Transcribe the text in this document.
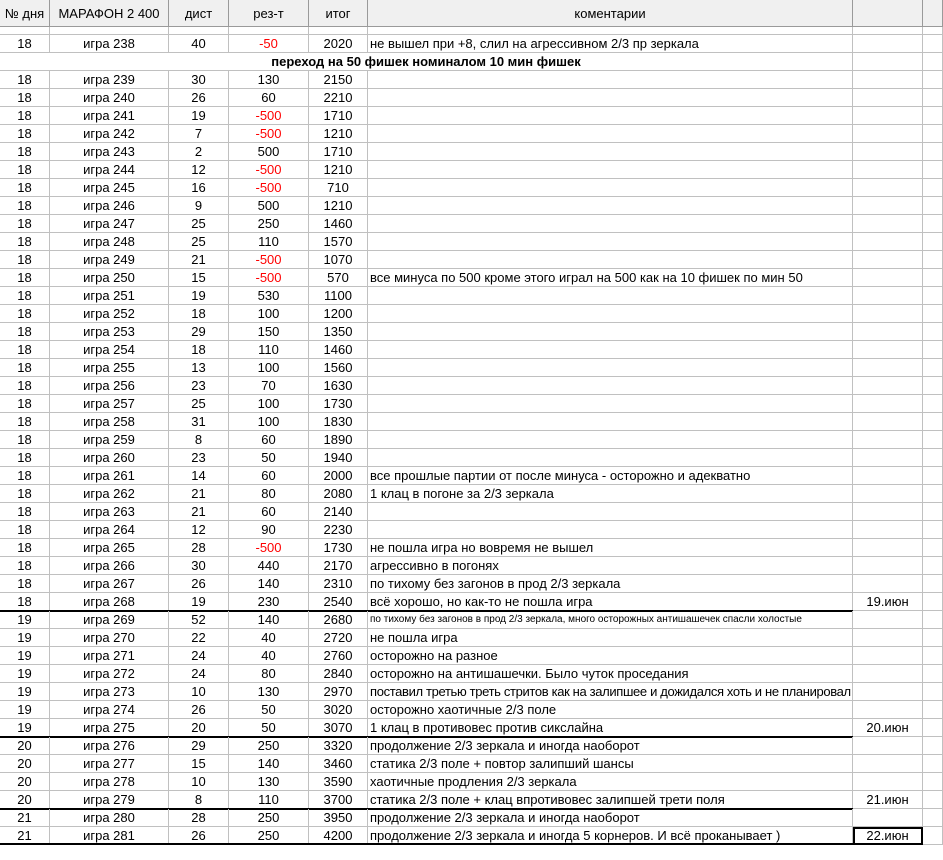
№ дня	МАРАФОН 2 400	дист	рез-т	итог	коментарии
18	игра 238	40	-50	2020	не вышел при +8, слил на агрессивном 2/3 пр зеркала
переход на 50 фишек номиналом 10 мин фишек
18	игра 239	30	130	2150
18	игра 240	26	60	2210
18	игра 241	19	-500	1710
18	игра 242	7	-500	1210
18	игра 243	2	500	1710
18	игра 244	12	-500	1210
18	игра 245	16	-500	710
18	игра 246	9	500	1210
18	игра 247	25	250	1460
18	игра 248	25	110	1570
18	игра 249	21	-500	1070
18	игра 250	15	-500	570	все минуса по 500 кроме этого играл на 500 как на 10 фишек по мин 50
18	игра 251	19	530	1100
18	игра 252	18	100	1200
18	игра 253	29	150	1350
18	игра 254	18	110	1460
18	игра 255	13	100	1560
18	игра 256	23	70	1630
18	игра 257	25	100	1730
18	игра 258	31	100	1830
18	игра 259	8	60	1890
18	игра 260	23	50	1940
18	игра 261	14	60	2000	все прошлые партии от после минуса - осторожно и адекватно
18	игра 262	21	80	2080	1 клац в погоне за 2/3 зеркала
18	игра 263	21	60	2140
18	игра 264	12	90	2230
18	игра 265	28	-500	1730	не пошла игра но вовремя не вышел
18	игра 266	30	440	2170	агрессивно в погонях
18	игра 267	26	140	2310	по тихому без загонов в прод 2/3 зеркала
18	игра 268	19	230	2540	всё хорошо, но как-то не пошла игра	19.июн
19	игра 269	52	140	2680	по тихому без загонов в прод 2/3 зеркала, много осторожных антишашечек спасли холостые
19	игра 270	22	40	2720	не пошла игра
19	игра 271	24	40	2760	осторожно на разное
19	игра 272	24	80	2840	осторожно на антишашечки. Было чуток проседания
19	игра 273	10	130	2970	поставил третью треть стритов как на залипшее и дожидался хоть и не планировал
19	игра 274	26	50	3020	осторожно хаотичные 2/3 поле
19	игра 275	20	50	3070	1 клац в противовес против сикслайна	20.июн
20	игра 276	29	250	3320	продолжение 2/3 зеркала и иногда наоборот
20	игра 277	15	140	3460	статика 2/3 поле + повтор залипший шансы
20	игра 278	10	130	3590	хаотичные продления 2/3 зеркала
20	игра 279	8	110	3700	статика 2/3 поле + клац впротивовес залипшей трети поля	21.июн
21	игра 280	28	250	3950	продолжение 2/3 зеркала и иногда наоборот
21	игра 281	26	250	4200	продолжение 2/3 зеркала и иногда 5 корнеров. И всё проканывает )	22.июн
